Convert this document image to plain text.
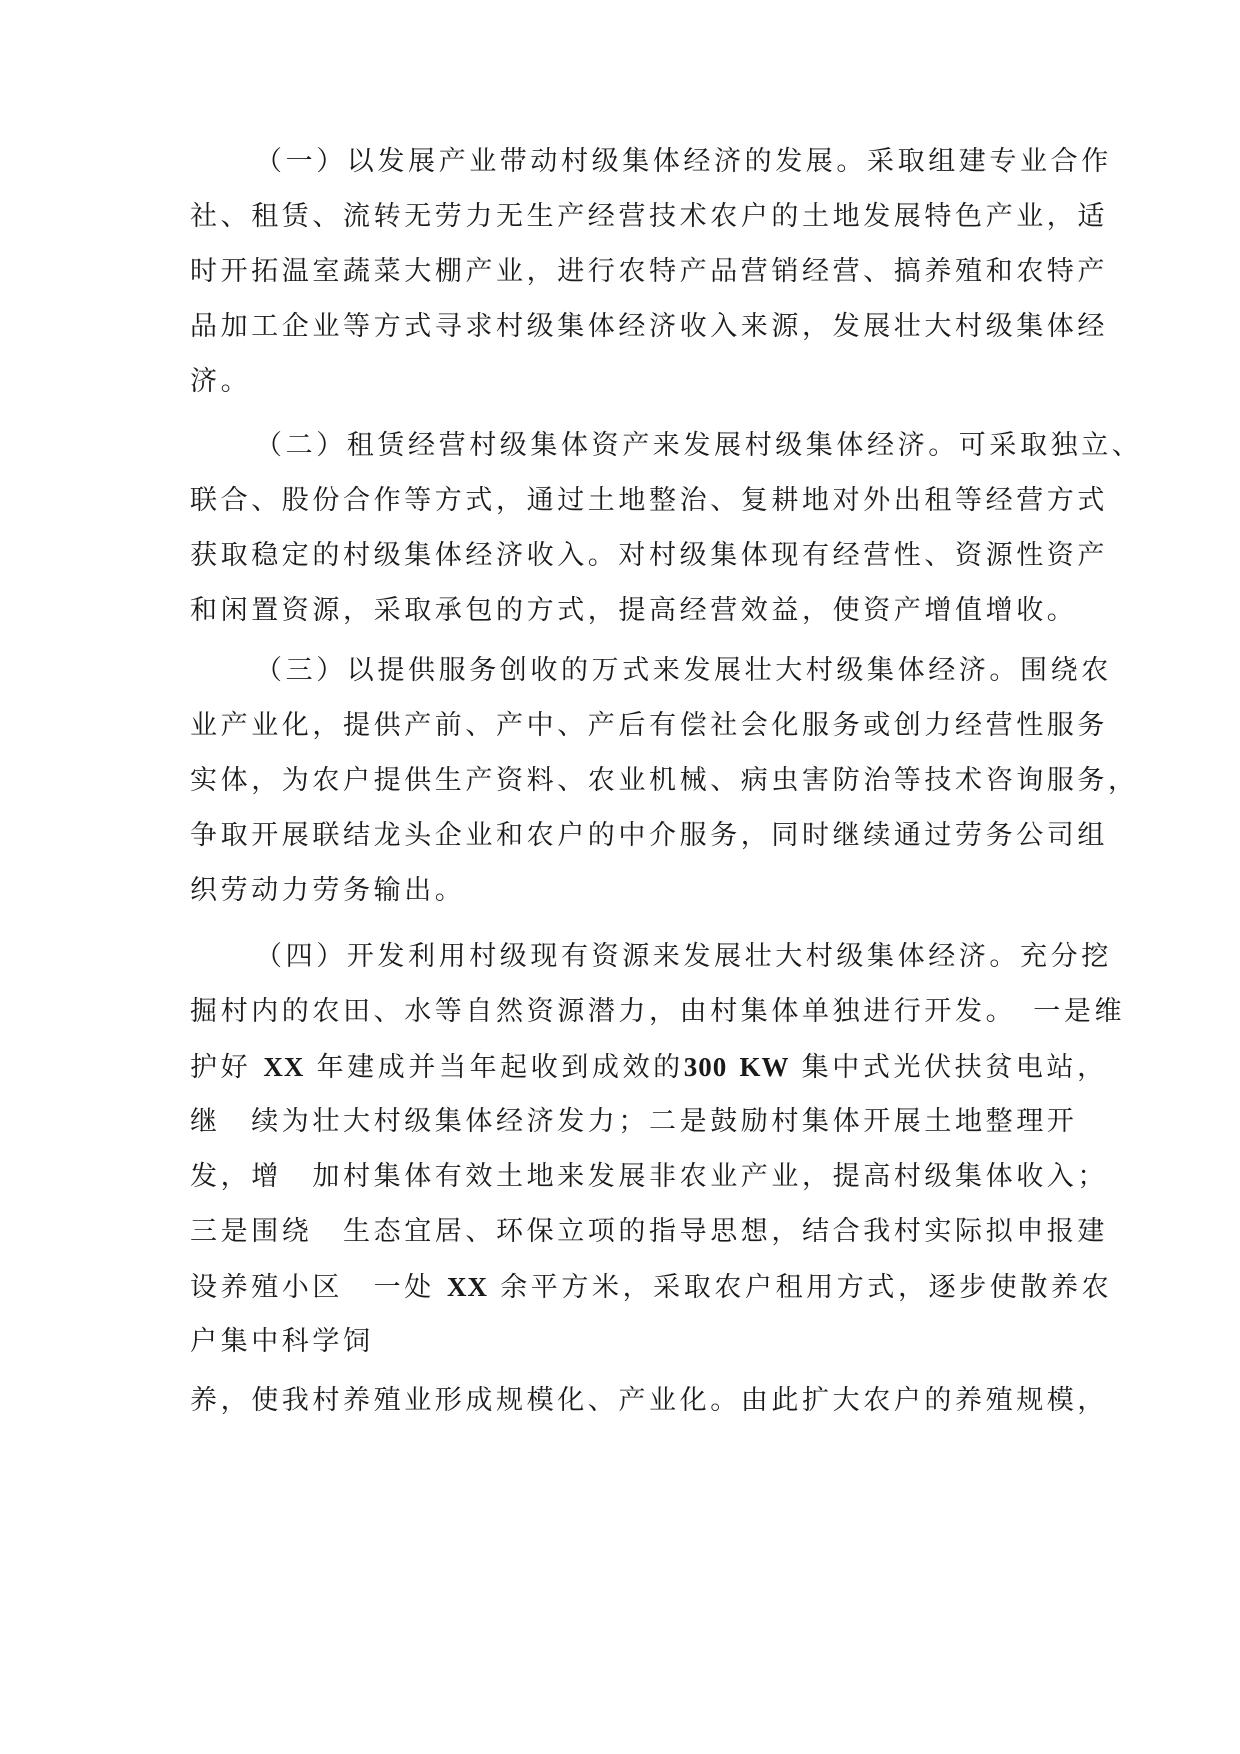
（一）以发展产业带动村级集体经济的发展。采取组建专业合作
社、租赁、流转无劳力无生产经营技术农户的土地发展特色产业，适
时开拓温室蔬菜大棚产业，进行农特产品营销经营、搞养殖和农特产
品加工企业等方式寻求村级集体经济收入来源，发展壮大村级集体经
济。
（二）租赁经营村级集体资产来发展村级集体经济。可采取独立、
联合、股份合作等方式，通过土地整治、复耕地对外出租等经营方式
获取稳定的村级集体经济收入。对村级集体现有经营性、资源性资产
和闲置资源，采取承包的方式，提高经营效益，使资产增值增收。
（三）以提供服务创收的万式来发展壮大村级集体经济。围绕农
业产业化，提供产前、产中、产后有偿社会化服务或创力经营性服务
实体，为农户提供生产资料、农业机械、病虫害防治等技术咨询服务，
争取开展联结龙头企业和农户的中介服务，同时继续通过劳务公司组
织劳动力劳务输出。
（四）开发利用村级现有资源来发展壮大村级集体经济。充分挖
掘村内的农田、水等自然资源潜力，由村集体单独进行开发。　一是维
护好 XX 年建成并当年起收到成效的300 KW 集中式光伏扶贫电站，
继　续为壮大村级集体经济发力；二是鼓励村集体开展土地整理开
发，增　加村集体有效土地来发展非农业产业，提高村级集体收入；
三是围绕　生态宜居、环保立项的指导思想，结合我村实际拟申报建
设养殖小区　一处 XX 余平方米，采取农户租用方式，逐步使散养农
户集中科学饲
养，使我村养殖业形成规模化、产业化。由此扩大农户的养殖规模，
